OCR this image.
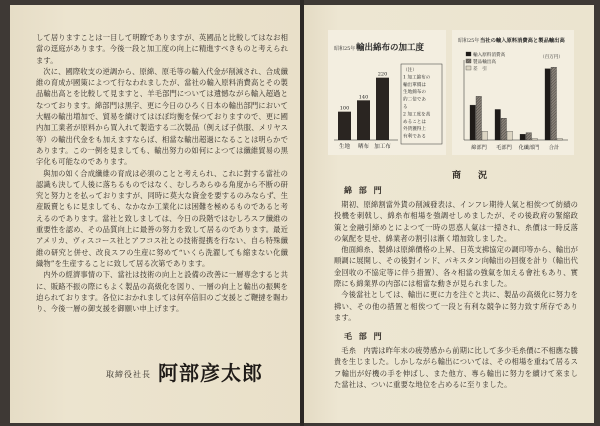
して居りますことは一目して明瞭でありますが、英國品と比較してはなお相當の逕庭があります。今後一段と加工度の向上に精進すべきものと考えられます。

次に、國際收支の逆調から、原綿、原毛等の輸入代金が削減され、合成纖維の育成が國策によつて行なわれましたが、當社の輸入原料消費高とその製品輸出高とを比較して見ますと、羊毛部門については遺憾ながら輸入超過となつております。綿部門は黒字、更に今日のひろく日本の輸出部門において大幅の輸出増加で、貿易を續けてはほぼ均衡を保つておりますので、更に國内加工業者が原料から買入れて製造する二次製品（例えば子供服、メリヤス等）の輸出代金をも加えますならば、相當な輸出超過になることは明らかであります。この一例を見ましても、輸出努力の如何によつては纖維貿易の黒字化も可能なのであります。

與加の如く合成纖維の育成は必須のことと考えられ、これに對する當社の認識も決して人後に落ちるものではなく、むしろあらゆる角度から不断の研究と努力とを払っておりますが、同時に莫大な資金を要するのみならず、生産販賣ともに見ましても、なかなか工業化には困難を極めるものであると考えるのであります。當社と致しましては、今日の段階ではむしろスフ纖維の重要性を認め、その品質向上に最善の努力を致して居るのであります。最近アメリカ、ヴィスコース社とアフコス社との技術提携を行ない、自ら特殊纖維の研究と併せ、改良スフの生産に努めて“いくら洗濯しても縮まない化纖織物”を生産することに致して居る次第であります。

内外の經濟事情の下、當社は技術の向上と設備の改善に一層専念すると共に、販路不振の際にもよく製品の高級化を図り、一層の向上と輸出の振興を迫られております。各位におかれましては何卒倍旧のご支援とご鞭撻を賜わり、今後一層の御支援を御願い申上げます。

取締役社長 阿部彦太郎
昭和25年 輸出綿布の加工度
100
生地
140
晒布
220
加工布
（注）
1 加工綿布の
輸出單價は
生地綿布の
約二倍であ
る
2 加工度を高
めることは
外貨獲得上
有利である
昭和25年 当社の輸入原料消費高と製品輸出高
（百万円）
輸入原料消費高
製品輸出高
差　引
綿部門 毛部門 化纖部門 合計
商　況
綿 部 門

期初、原綿割當外貨の削減發表は、インフレ期待人氣と相俟つて紡績の投機を刺戟し、綿糸布相場を強調せしめましたが、その後政府の緊縮政策と金融引締めとによつて一時の思惑人氣は一掃され、糸價は一時反落の氣配を見せ、綿業者の割引は漸く増加致しました。

他面綿糸、製綿は原綿價格の上昇、日英支拂協定の調印等から、輸出が順調に展開し、その後對インド、パキスタン向輸出の回復を計り（輸出代金回收の不協定等に伴う措置）、各々相當の強氣を加える會社もあり、實際にも綿業界の内部には相當な動きが見られました。

今後當社としては、輸出に更に力を注ぐと共に、製品の高級化に努力を拂い、その他の措置と相俟つて一段と有利な競争に努力致す所存であります。

毛 部 門

毛糸　内需は昨年末の疲勞感から前期に比して多少毛糸價に不相應な騰貴を生じました。しかしながら輸出については、その相場を重ねて居るスフ輸出が好機の手を伸ばし、また他方、專ら輸出に努力を續けて來ました當社は、ついに重要な地位を占めるに至りました。
